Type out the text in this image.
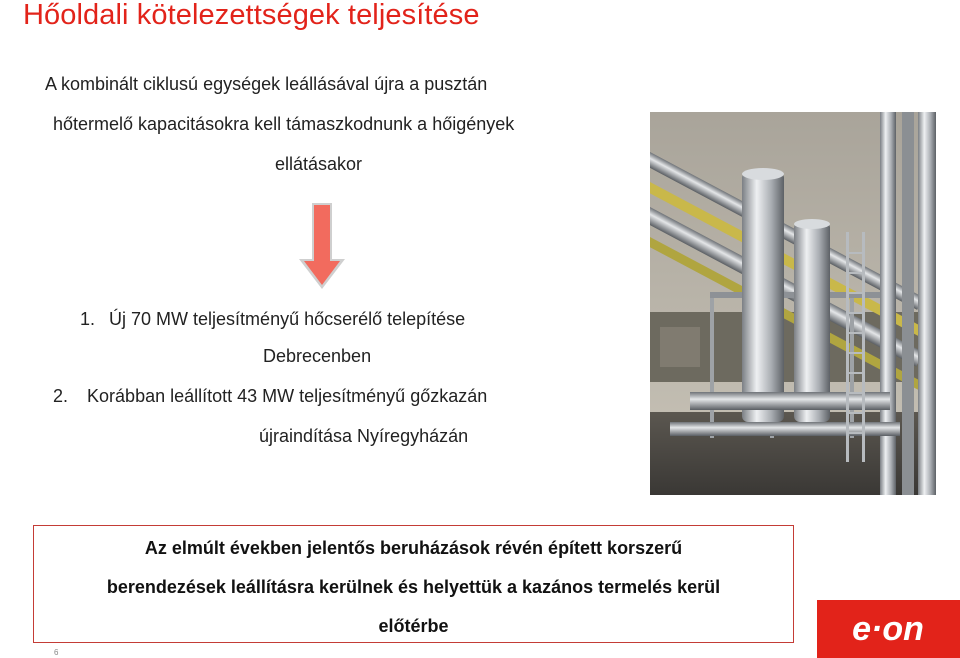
Hőoldali kötelezettségek teljesítése
A kombinált ciklusú egységek leállásával újra a pusztán
hőtermelő kapacitásokra kell támaszkodnunk a hőigények
ellátásakor
1. Új 70 MW teljesítményű hőcserélő telepítése
Debrecenben
2. Korábban leállított 43 MW teljesítményű gőzkazán
újraindítása Nyíregyházán
Az elmúlt években jelentős beruházások révén épített korszerű
berendezések leállításra kerülnek és helyettük a kazános termelés kerül
előtérbe
6
e·on
